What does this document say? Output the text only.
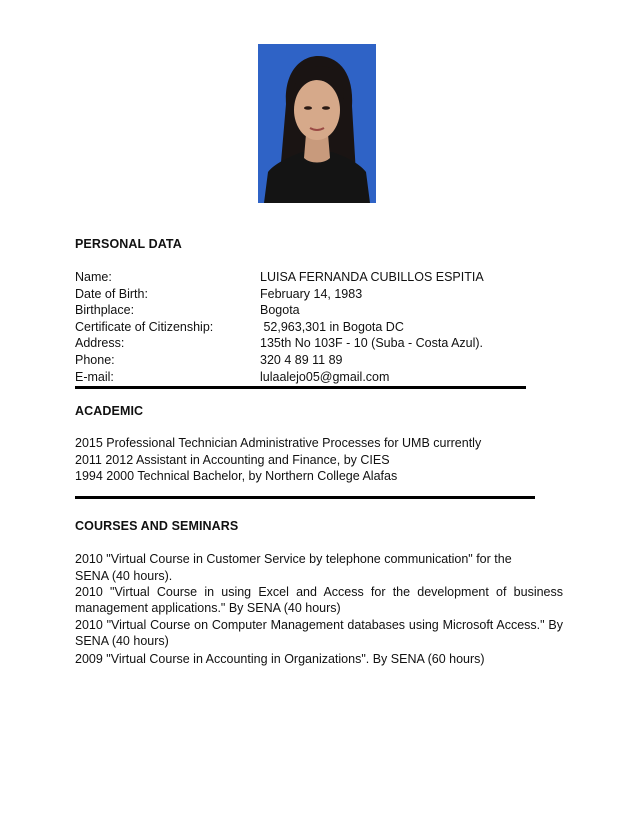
PERSONAL DATA
Name:	LUISA FERNANDA CUBILLOS ESPITIA
Date of Birth:	February 14, 1983
Birthplace:	Bogota
Certificate of Citizenship:	52,963,301 in Bogota DC
Address:	135th No 103F - 10 (Suba - Costa Azul).
Phone:	320 4 89 11 89
E-mail:	lulaalejo05@gmail.com
ACADEMIC
2015 Professional Technician Administrative Processes for UMB currently
2011 2012 Assistant in Accounting and Finance, by CIES
1994 2000 Technical Bachelor, by Northern College Alafas
COURSES AND SEMINARS
2010 "Virtual Course in Customer Service by telephone communication" for the
SENA (40 hours).
2010 "Virtual Course in using Excel and Access for the development of business
management applications." By SENA (40 hours)
2010 "Virtual Course on Computer Management databases using Microsoft Access." By
SENA (40 hours)
2009 "Virtual Course in Accounting in Organizations". By SENA (60 hours)
